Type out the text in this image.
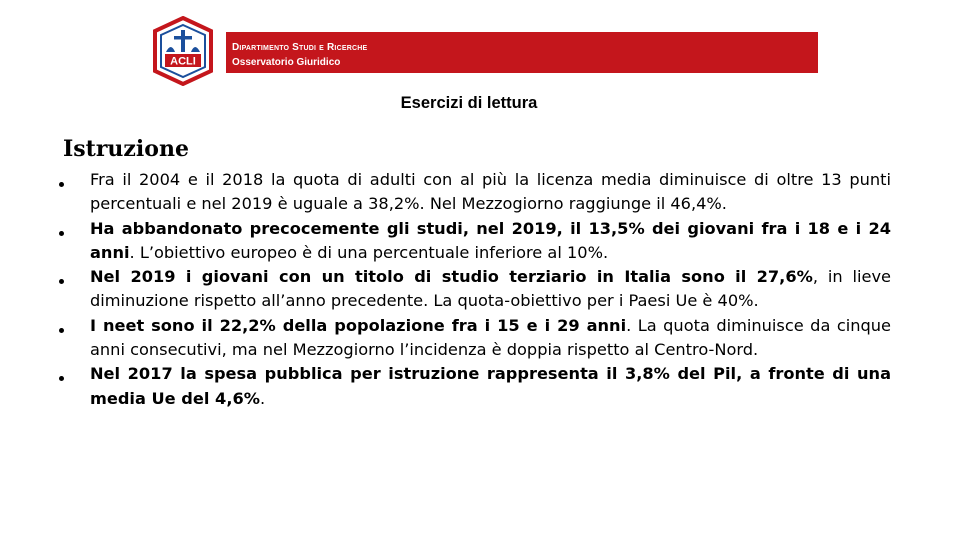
ACLI
Dipartimento Studi e Ricerche
Osservatorio Giuridico
Esercizi di lettura
Istruzione
Fra il 2004 e il 2018 la quota di adulti con al più la licenza media diminuisce di oltre 13 punti percentuali e nel 2019 è uguale a 38,2%. Nel Mezzogiorno raggiunge il 46,4%.
Ha abbandonato precocemente gli studi, nel 2019, il 13,5% dei giovani fra i 18 e i 24 anni. L’obiettivo europeo è di una percentuale inferiore al 10%.
Nel 2019 i giovani con un titolo di studio terziario in Italia sono il 27,6%, in lieve diminuzione rispetto all’anno precedente. La quota-obiettivo per i Paesi Ue è 40%.
I neet sono il 22,2% della popolazione fra i 15 e i 29 anni. La quota diminuisce da cinque anni consecutivi, ma nel Mezzogiorno l’incidenza è doppia rispetto al Centro-Nord.
Nel 2017 la spesa pubblica per istruzione rappresenta il 3,8% del Pil, a fronte di una media Ue del 4,6%.
